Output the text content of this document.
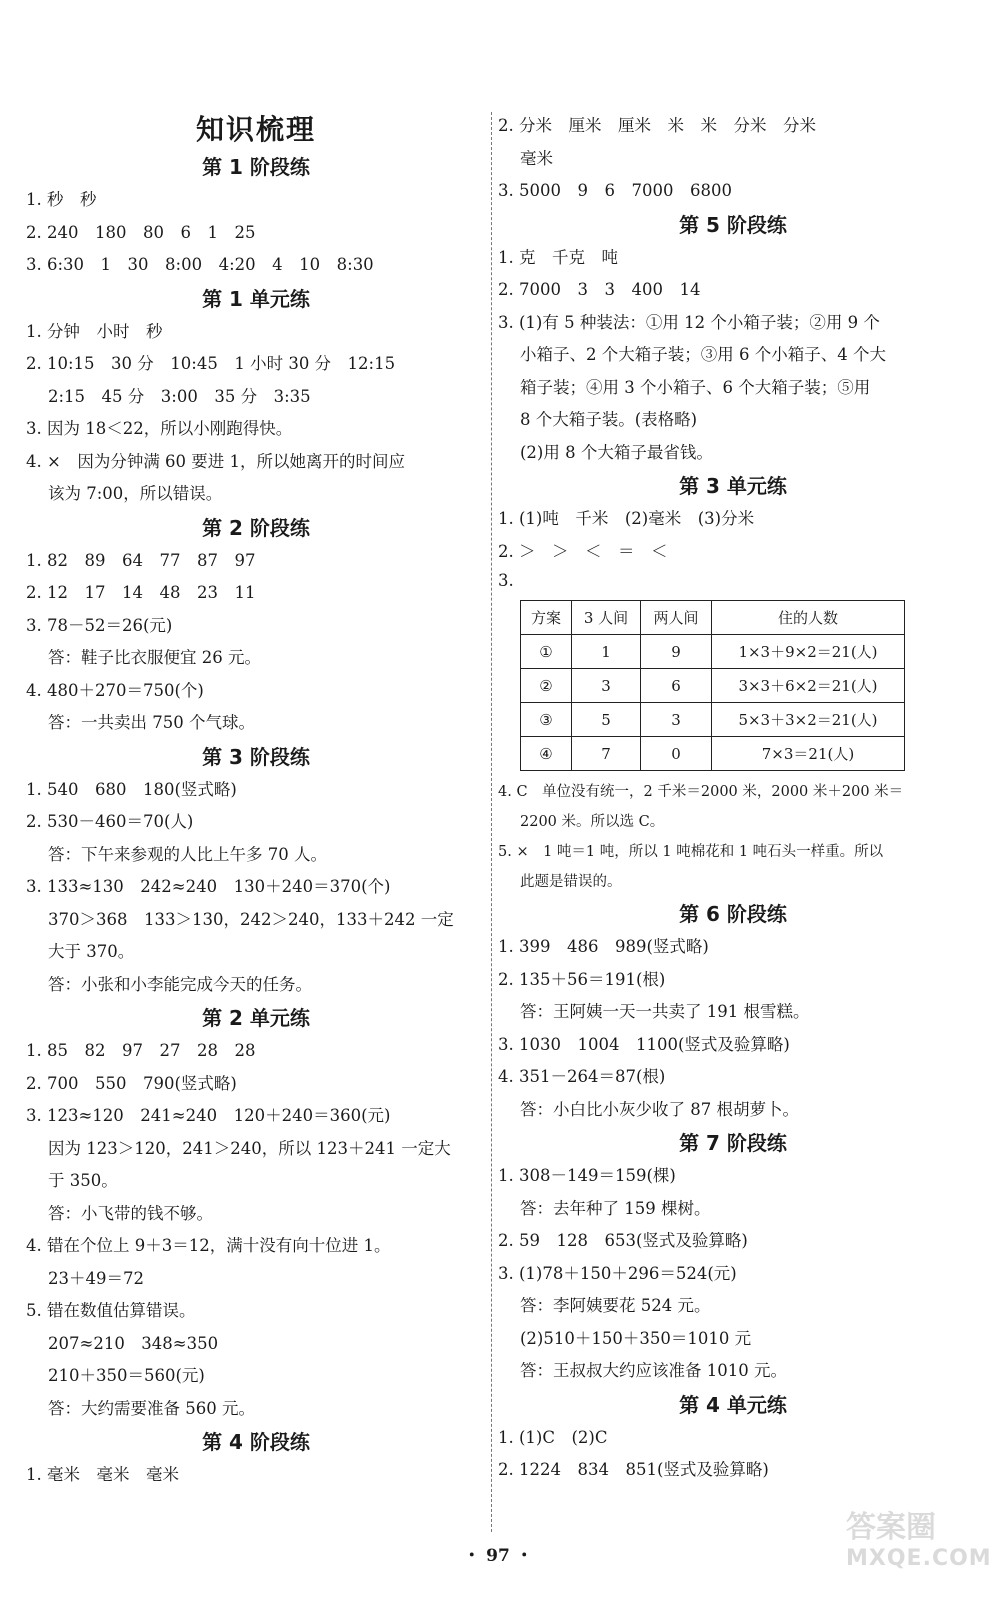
知识梳理
第 1 阶段练
1. 秒　秒
2. 240　180　80　6　1　25
3. 6:30　1　30　8:00　4:20　4　10　8:30
第 1 单元练
1. 分钟　小时　秒
2. 10:15　30 分　10:45　1 小时 30 分　12:15
2:15　45 分　3:00　35 分　3:35
3. 因为 18＜22，所以小刚跑得快。
4. ×　因为分钟满 60 要进 1，所以她离开的时间应
该为 7:00，所以错误。
第 2 阶段练
1. 82　89　64　77　87　97
2. 12　17　14　48　23　11
3. 78－52＝26(元)
答：鞋子比衣服便宜 26 元。
4. 480＋270＝750(个)
答：一共卖出 750 个气球。
第 3 阶段练
1. 540　680　180(竖式略)
2. 530－460＝70(人)
答：下午来参观的人比上午多 70 人。
3. 133≈130　242≈240　130＋240＝370(个)
370＞368　133＞130，242＞240，133＋242 一定
大于 370。
答：小张和小李能完成今天的任务。
第 2 单元练
1. 85　82　97　27　28　28
2. 700　550　790(竖式略)
3. 123≈120　241≈240　120＋240＝360(元)
因为 123＞120，241＞240，所以 123＋241 一定大
于 350。
答：小飞带的钱不够。
4. 错在个位上 9＋3＝12，满十没有向十位进 1。
23＋49＝72
5. 错在数值估算错误。
207≈210　348≈350
210＋350＝560(元)
答：大约需要准备 560 元。
第 4 阶段练
1. 毫米　毫米　毫米
2. 分米　厘米　厘米　米　米　分米　分米
毫米
3. 5000　9　6　7000　6800
第 5 阶段练
1. 克　千克　吨
2. 7000　3　3　400　14
3. (1)有 5 种装法：①用 12 个小箱子装；②用 9 个
小箱子、2 个大箱子装；③用 6 个小箱子、4 个大
箱子装；④用 3 个小箱子、6 个大箱子装；⑤用
8 个大箱子装。(表格略)
(2)用 8 个大箱子最省钱。
第 3 单元练
1. (1)吨　千米　(2)毫米　(3)分米
2. ＞　＞　＜　＝　＜
3.
方案	3 人间	两人间	住的人数
①	1	9	1×3＋9×2＝21(人)
②	3	6	3×3＋6×2＝21(人)
③	5	3	5×3＋3×2＝21(人)
④	7	0	7×3＝21(人)
4. C　单位没有统一，2 千米＝2000 米，2000 米＋200 米＝
2200 米。所以选 C。
5. ×　1 吨＝1 吨，所以 1 吨棉花和 1 吨石头一样重。所以
此题是错误的。
第 6 阶段练
1. 399　486　989(竖式略)
2. 135＋56＝191(根)
答：王阿姨一天一共卖了 191 根雪糕。
3. 1030　1004　1100(竖式及验算略)
4. 351－264＝87(根)
答：小白比小灰少收了 87 根胡萝卜。
第 7 阶段练
1. 308－149＝159(棵)
答：去年种了 159 棵树。
2. 59　128　653(竖式及验算略)
3. (1)78＋150＋296＝524(元)
答：李阿姨要花 524 元。
(2)510＋150＋350＝1010 元
答：王叔叔大约应该准备 1010 元。
第 4 单元练
1. (1)C　(2)C
2. 1224　834　851(竖式及验算略)
・ 97 ・
答案圈
MXQE.COM
